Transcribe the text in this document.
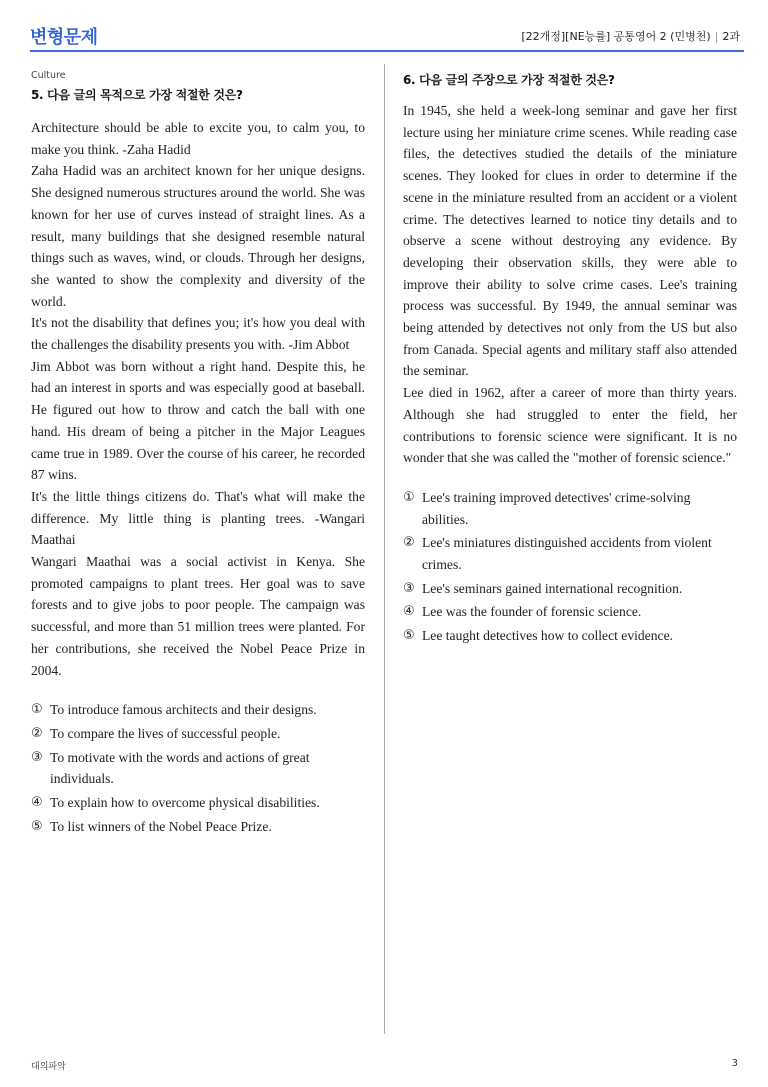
변형문제	[22개정][NE능률] 공통영어 2 (민병천) | 2과
Culture
5. 다음 글의 목적으로 가장 적절한 것은?

Architecture should be able to excite you, to calm you, to make you think. -Zaha Hadid

Zaha Hadid was an architect known for her unique designs. She designed numerous structures around the world. She was known for her use of curves instead of straight lines. As a result, many buildings that she designed resemble natural things such as waves, wind, or clouds. Through her designs, she wanted to show the complexity and diversity of the world.

It's not the disability that defines you; it's how you deal with the challenges the disability presents you with. -Jim Abbot

Jim Abbot was born without a right hand. Despite this, he had an interest in sports and was especially good at baseball. He figured out how to throw and catch the ball with one hand. His dream of being a pitcher in the Major Leagues came true in 1989. Over the course of his career, he recorded 87 wins.

It's the little things citizens do. That's what will make the difference. My little thing is planting trees. -Wangari Maathai

Wangari Maathai was a social activist in Kenya. She promoted campaigns to plant trees. Her goal was to save forests and to give jobs to poor people. The campaign was successful, and more than 51 million trees were planted. For her contributions, she received the Nobel Peace Prize in 2004.

① To introduce famous architects and their designs.
② To compare the lives of successful people.
③ To motivate with the words and actions of great individuals.
④ To explain how to overcome physical disabilities.
⑤ To list winners of the Nobel Peace Prize.
6. 다음 글의 주장으로 가장 적절한 것은?

In 1945, she held a week-long seminar and gave her first lecture using her miniature crime scenes. While reading case files, the detectives studied the details of the miniature scenes. They looked for clues in order to determine if the scene in the miniature resulted from an accident or a violent crime. The detectives learned to notice tiny details and to observe a scene without destroying any evidence. By developing their observation skills, they were able to improve their ability to solve crime cases. Lee's training process was successful. By 1949, the annual seminar was being attended by detectives not only from the US but also from Canada. Special agents and military staff also attended the seminar.

Lee died in 1962, after a career of more than thirty years. Although she had struggled to enter the field, her contributions to forensic science were significant. It is no wonder that she was called the "mother of forensic science."

① Lee's training improved detectives' crime-solving abilities.
② Lee's miniatures distinguished accidents from violent crimes.
③ Lee's seminars gained international recognition.
④ Lee was the founder of forensic science.
⑤ Lee taught detectives how to collect evidence.
대의파악	3
